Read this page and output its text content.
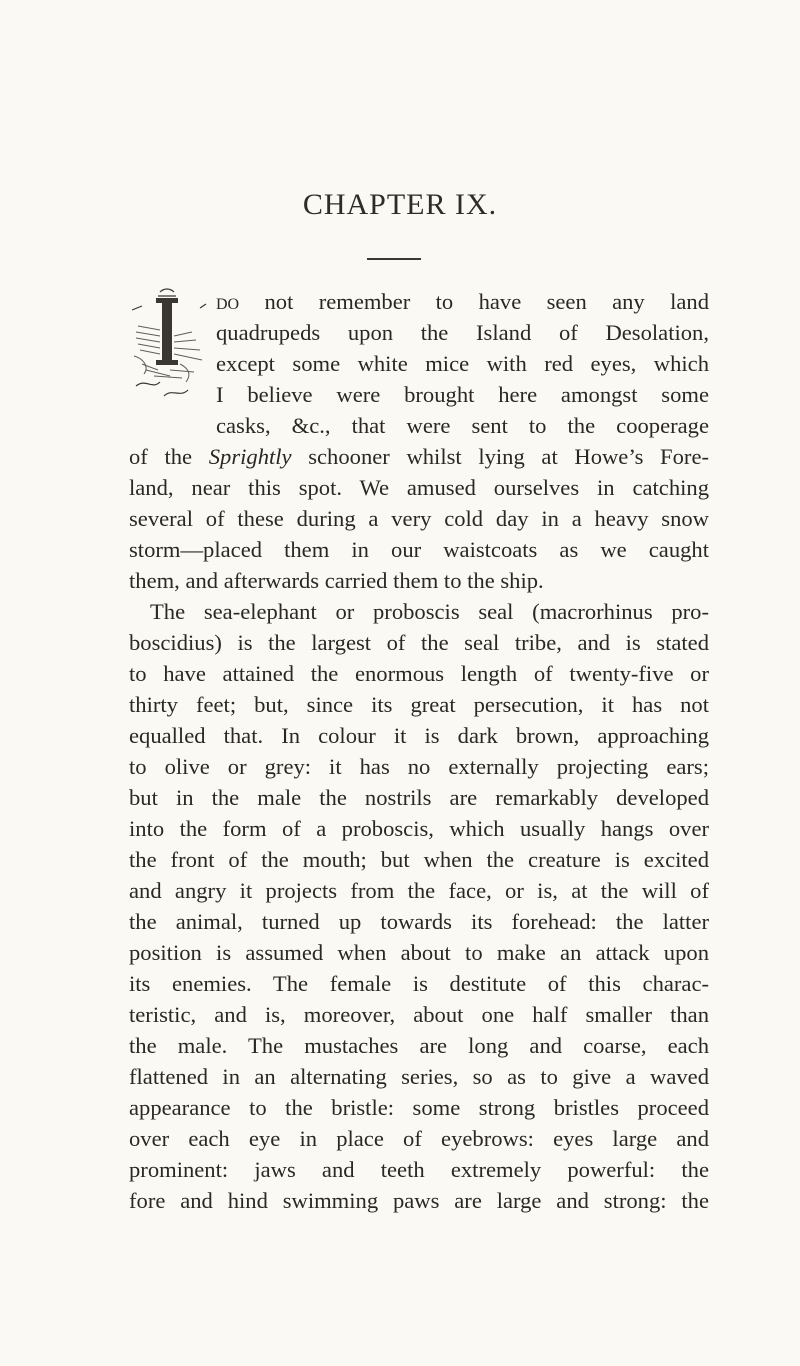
CHAPTER IX.
do not remember to have seen any land
quadrupeds upon the Island of Desolation,
except some white mice with red eyes, which
I believe were brought here amongst some
casks, &c., that were sent to the cooperage
of the Sprightly schooner whilst lying at Howe’s Fore-
land, near this spot. We amused ourselves in catching
several of these during a very cold day in a heavy snow
storm—placed them in our waistcoats as we caught
them, and afterwards carried them to the ship.
The sea-elephant or proboscis seal (macrorhinus pro-
boscidius) is the largest of the seal tribe, and is stated
to have attained the enormous length of twenty-five or
thirty feet; but, since its great persecution, it has not
equalled that. In colour it is dark brown, approaching
to olive or grey: it has no externally projecting ears;
but in the male the nostrils are remarkably developed
into the form of a proboscis, which usually hangs over
the front of the mouth; but when the creature is excited
and angry it projects from the face, or is, at the will of
the animal, turned up towards its forehead: the latter
position is assumed when about to make an attack upon
its enemies. The female is destitute of this charac-
teristic, and is, moreover, about one half smaller than
the male. The mustaches are long and coarse, each
flattened in an alternating series, so as to give a waved
appearance to the bristle: some strong bristles proceed
over each eye in place of eyebrows: eyes large and
prominent: jaws and teeth extremely powerful: the
fore and hind swimming paws are large and strong: the
